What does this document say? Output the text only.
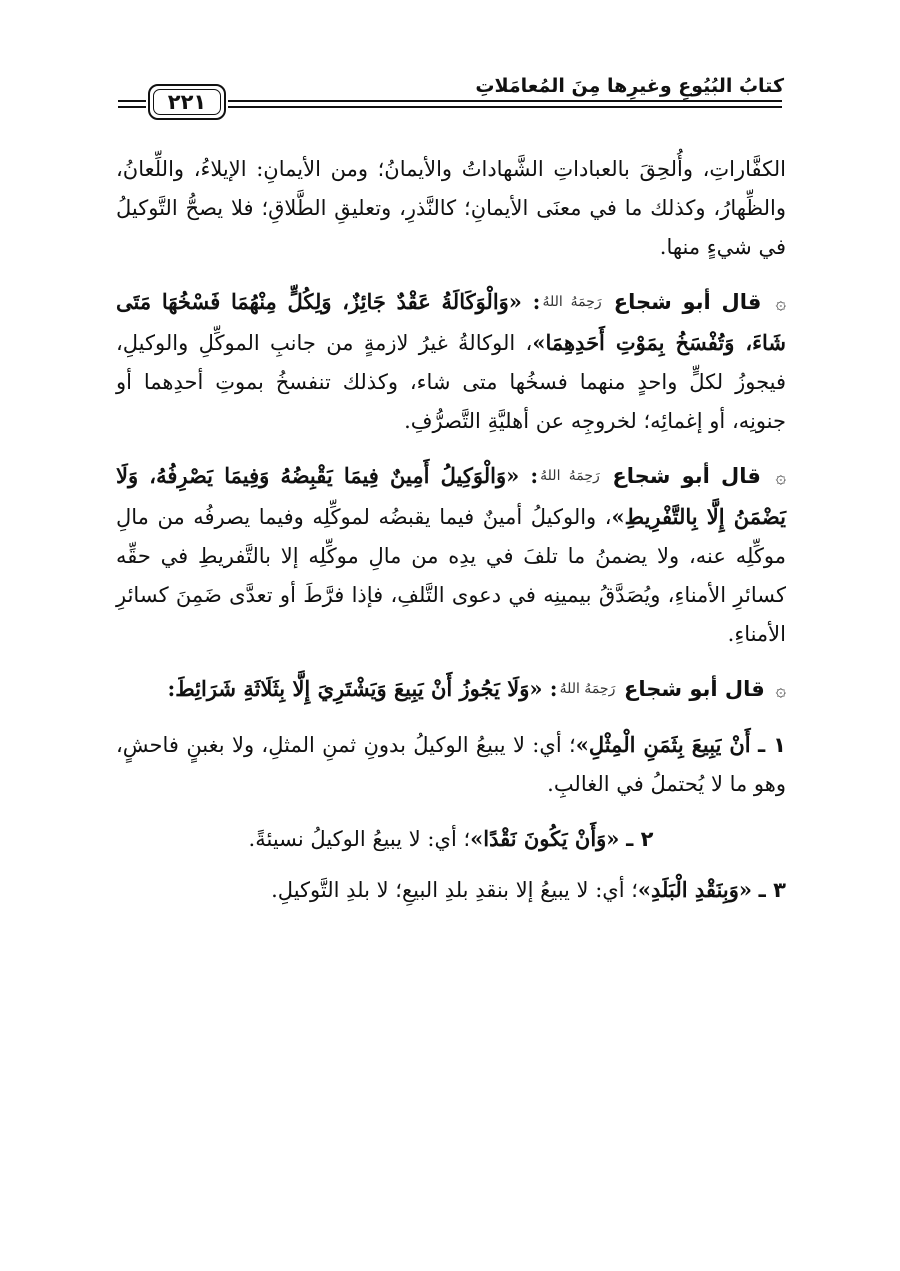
كتابُ البُيُوعِ وغيرِها مِنَ المُعامَلاتِ
٢٢١

الكفَّاراتِ، وأُلحِقَ بالعباداتِ الشَّهاداتُ والأيمانُ؛ ومن الأيمانِ: الإيلاءُ، واللِّعانُ، والظِّهارُ، وكذلك ما في معنَى الأيمانِ؛ كالنَّذرِ، وتعليقِ الطَّلاقِ؛ فلا يصحُّ التَّوكيلُ في شيءٍ منها.

۞ قال أبو شجاع رَحِمَهُ اللهُ: «وَالْوَكَالَةُ عَقْدٌ جَائِزٌ، وَلِكُلٍّ مِنْهُمَا فَسْخُهَا مَتَى شَاءَ، وَتُفْسَخُ بِمَوْتِ أَحَدِهِمَا»، الوكالةُ غيرُ لازمةٍ من جانبِ الموكِّلِ والوكيلِ، فيجوزُ لكلٍّ واحدٍ منهما فسخُها متى شاء، وكذلك تنفسخُ بموتِ أحدِهما أو جنونِه، أو إغمائِه؛ لخروجِه عن أهليَّةِ التَّصرُّفِ.

۞ قال أبو شجاع رَحِمَهُ اللهُ: «وَالْوَكِيلُ أَمِينٌ فِيمَا يَقْبِضُهُ وَفِيمَا يَصْرِفُهُ، وَلَا يَضْمَنُ إِلَّا بِالتَّفْرِيطِ»، والوكيلُ أمينٌ فيما يقبضُه لموكِّلِه وفيما يصرفُه من مالِ موكِّلِه عنه، ولا يضمنُ ما تلفَ في يدِه من مالِ موكِّلِه إلا بالتَّفريطِ في حقِّه كسائرِ الأمناءِ، ويُصَدَّقُ بيمينِه في دعوى التَّلفِ، فإذا فرَّطَ أو تعدَّى ضَمِنَ كسائرِ الأمناءِ.

۞ قال أبو شجاع رَحِمَهُ اللهُ: «وَلَا يَجُوزُ أَنْ يَبِيعَ وَيَشْتَرِيَ إِلَّا بِثَلَاثَةِ شَرَائِطَ:

١ ـ أَنْ يَبِيعَ بِثَمَنِ الْمِثْلِ»؛ أي: لا يبيعُ الوكيلُ بدونِ ثمنِ المثلِ، ولا بغبنٍ فاحشٍ، وهو ما لا يُحتملُ في الغالبِ.

٢ ـ «وَأَنْ يَكُونَ نَقْدًا»؛ أي: لا يبيعُ الوكيلُ نسيئةً.

٣ ـ «وَبِنَقْدِ الْبَلَدِ»؛ أي: لا يبيعُ إلا بنقدِ بلدِ البيعِ؛ لا بلدِ التَّوكيلِ.
